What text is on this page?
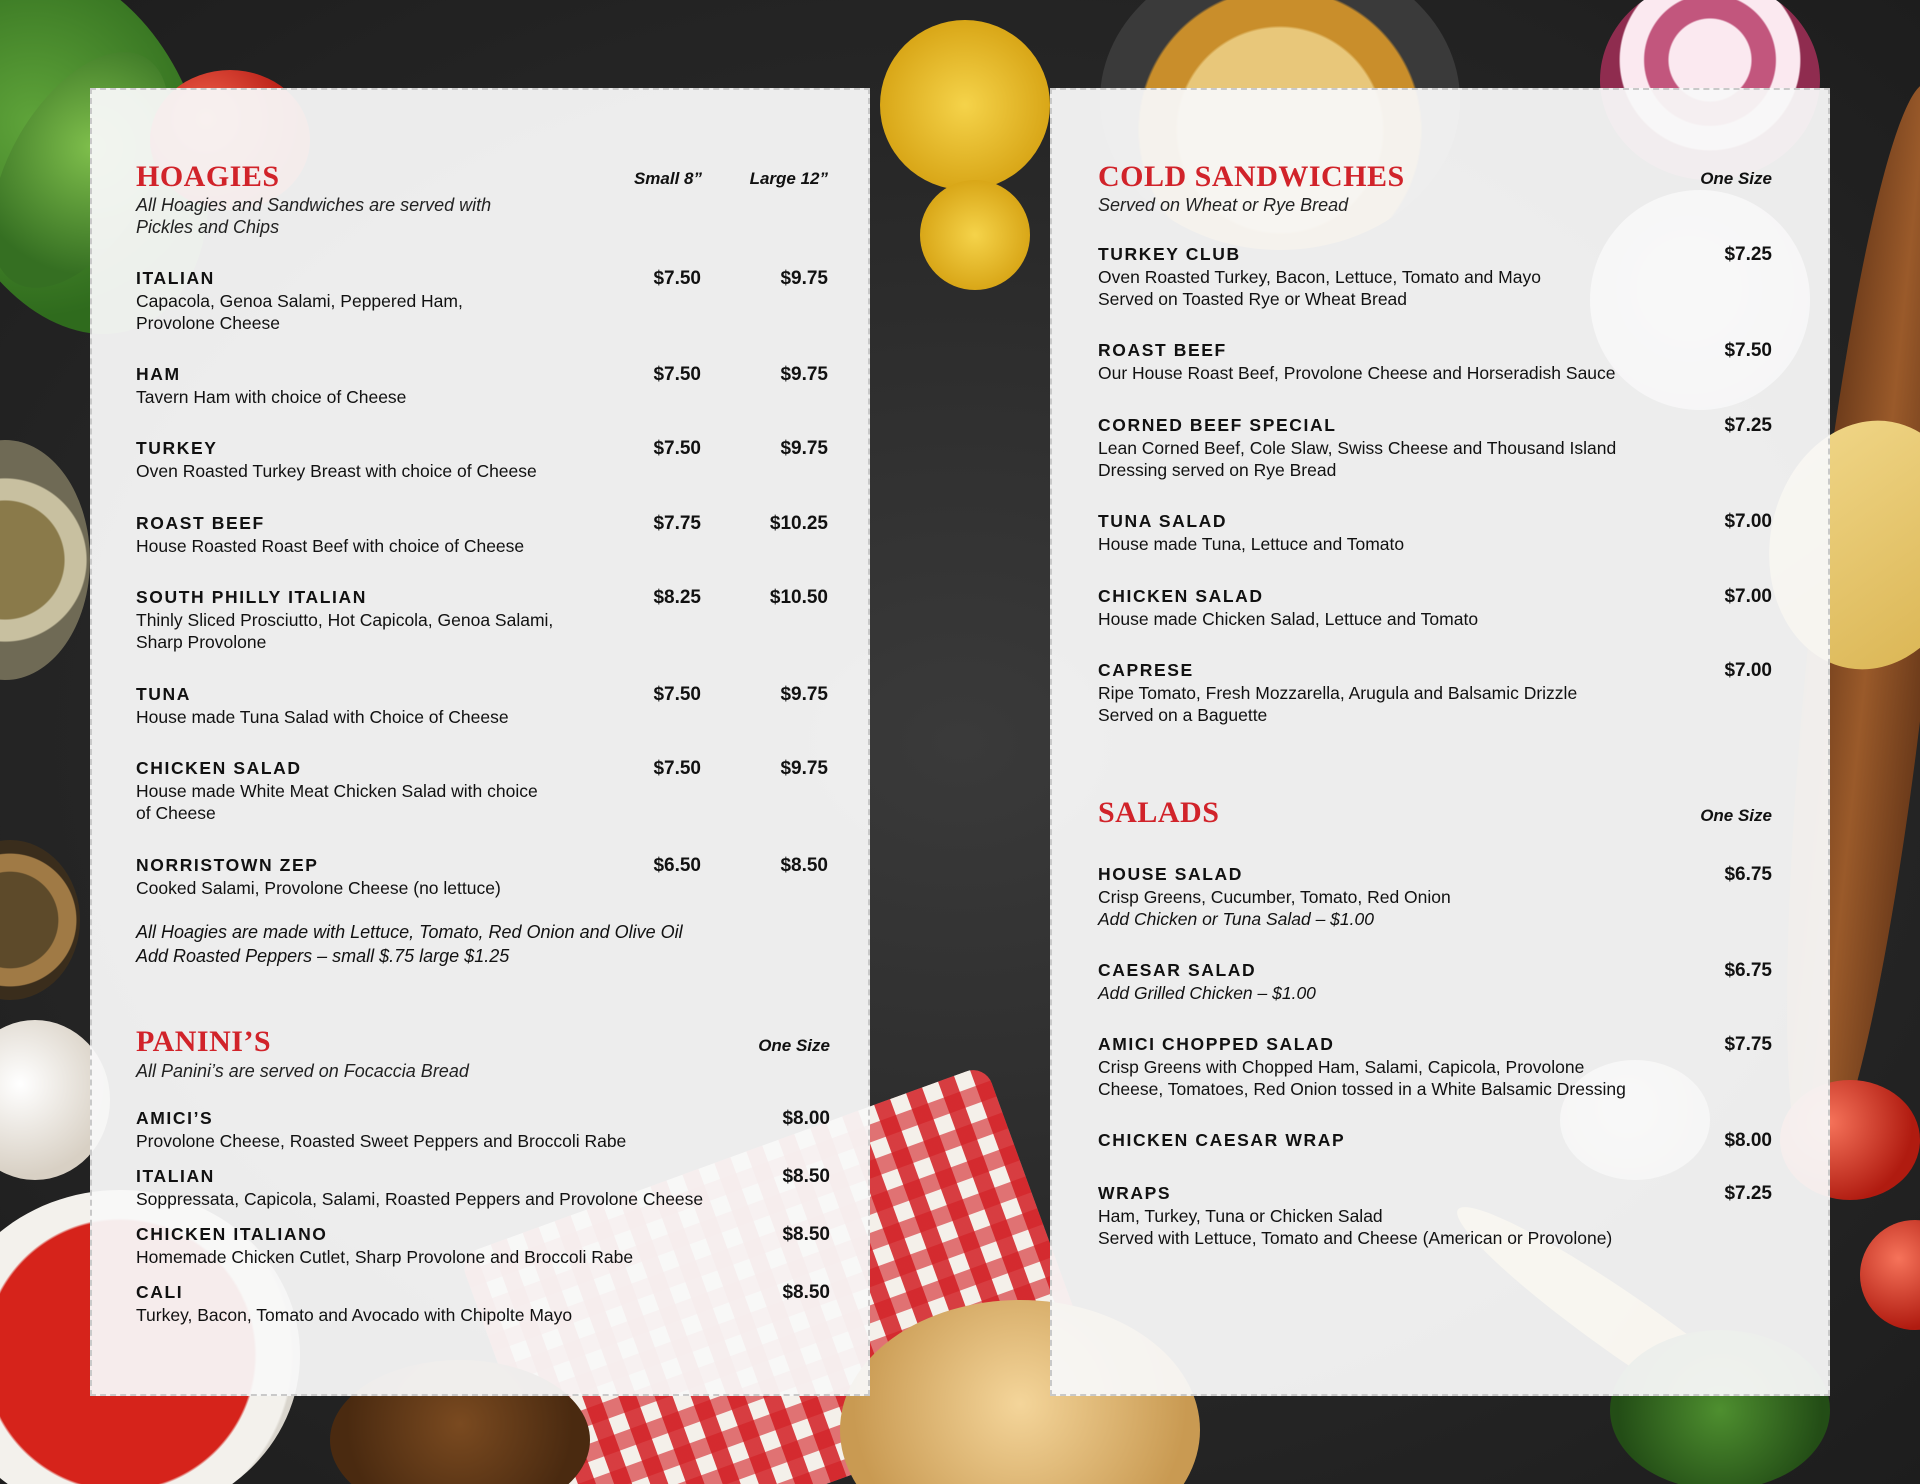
HOAGIES	Small 8”	Large 12”
All Hoagies and Sandwiches are served with
Pickles and Chips
ITALIAN	$7.50	$9.75
Capacola, Genoa Salami, Peppered Ham,
Provolone Cheese
HAM	$7.50	$9.75
Tavern Ham with choice of Cheese
TURKEY	$7.50	$9.75
Oven Roasted Turkey Breast with choice of Cheese
ROAST BEEF	$7.75	$10.25
House Roasted Roast Beef with choice of Cheese
SOUTH PHILLY ITALIAN	$8.25	$10.50
Thinly Sliced Prosciutto, Hot Capicola, Genoa Salami,
Sharp Provolone
TUNA	$7.50	$9.75
House made Tuna Salad with Choice of Cheese
CHICKEN SALAD	$7.50	$9.75
House made White Meat Chicken Salad with choice
of Cheese
NORRISTOWN ZEP	$6.50	$8.50
Cooked Salami, Provolone Cheese (no lettuce)
All Hoagies are made with Lettuce, Tomato, Red Onion and Olive Oil
Add Roasted Peppers – small $.75 large $1.25
PANINI’S	One Size
All Panini’s are served on Focaccia Bread
AMICI’S	$8.00
Provolone Cheese, Roasted Sweet Peppers and Broccoli Rabe
ITALIAN	$8.50
Soppressata, Capicola, Salami, Roasted Peppers and Provolone Cheese
CHICKEN ITALIANO	$8.50
Homemade Chicken Cutlet, Sharp Provolone and Broccoli Rabe
CALI	$8.50
Turkey, Bacon, Tomato and Avocado with Chipolte Mayo
COLD SANDWICHES	One Size
Served on Wheat or Rye Bread
TURKEY CLUB	$7.25
Oven Roasted Turkey, Bacon, Lettuce, Tomato and Mayo
Served on Toasted Rye or Wheat Bread
ROAST BEEF	$7.50
Our House Roast Beef, Provolone Cheese and Horseradish Sauce
CORNED BEEF SPECIAL	$7.25
Lean Corned Beef, Cole Slaw, Swiss Cheese and Thousand Island
Dressing served on Rye Bread
TUNA SALAD	$7.00
House made Tuna, Lettuce and Tomato
CHICKEN SALAD	$7.00
House made Chicken Salad, Lettuce and Tomato
CAPRESE	$7.00
Ripe Tomato, Fresh Mozzarella, Arugula and Balsamic Drizzle
Served on a Baguette
SALADS	One Size
HOUSE SALAD	$6.75
Crisp Greens, Cucumber, Tomato, Red Onion
Add Chicken or Tuna Salad – $1.00
CAESAR SALAD	$6.75
Add Grilled Chicken – $1.00
AMICI CHOPPED SALAD	$7.75
Crisp Greens with Chopped Ham, Salami, Capicola, Provolone
Cheese, Tomatoes, Red Onion tossed in a White Balsamic Dressing
CHICKEN CAESAR WRAP	$8.00
WRAPS	$7.25
Ham, Turkey, Tuna or Chicken Salad
Served with Lettuce, Tomato and Cheese (American or Provolone)
